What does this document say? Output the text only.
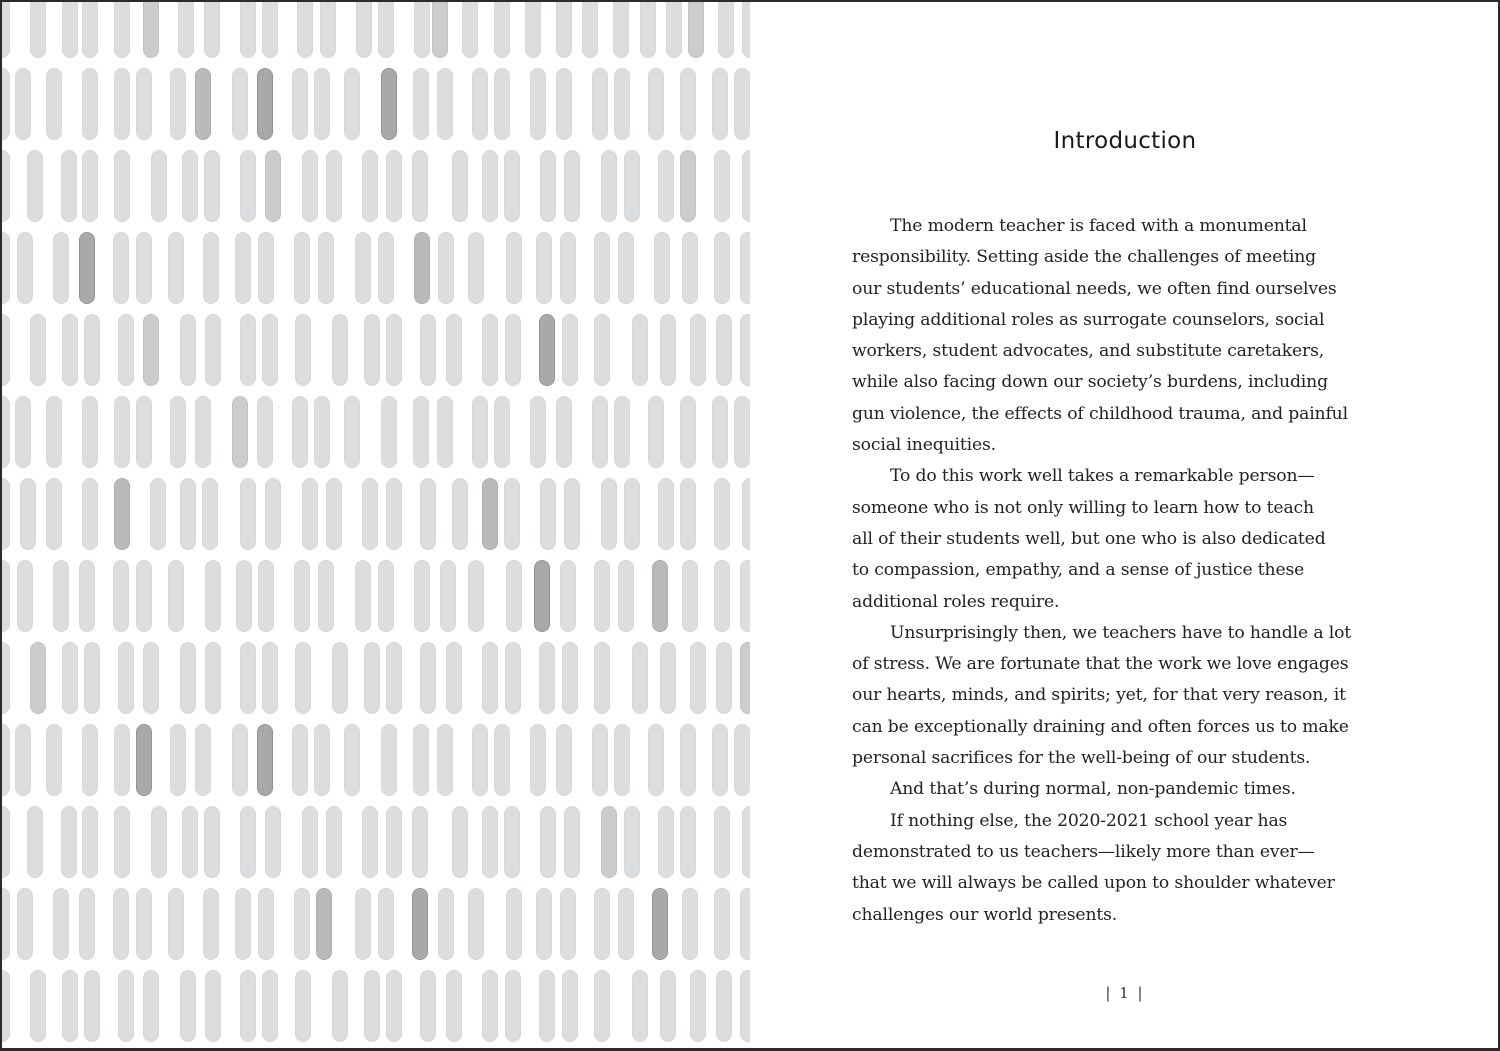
Introduction
The modern teacher is faced with a monumental
responsibility. Setting aside the challenges of meeting
our students’ educational needs, we often find ourselves
playing additional roles as surrogate counselors, social
workers, student advocates, and substitute caretakers,
while also facing down our society’s burdens, including
gun violence, the effects of childhood trauma, and painful
social inequities.
To do this work well takes a remarkable person—
someone who is not only willing to learn how to teach
all of their students well, but one who is also dedicated
to compassion, empathy, and a sense of justice these
additional roles require.
Unsurprisingly then, we teachers have to handle a lot
of stress. We are fortunate that the work we love engages
our hearts, minds, and spirits; yet, for that very reason, it
can be exceptionally draining and often forces us to make
personal sacrifices for the well-being of our students.
And that’s during normal, non-pandemic times.
If nothing else, the 2020-2021 school year has
demonstrated to us teachers—likely more than ever—
that we will always be called upon to shoulder whatever
challenges our world presents.
| 1 |
